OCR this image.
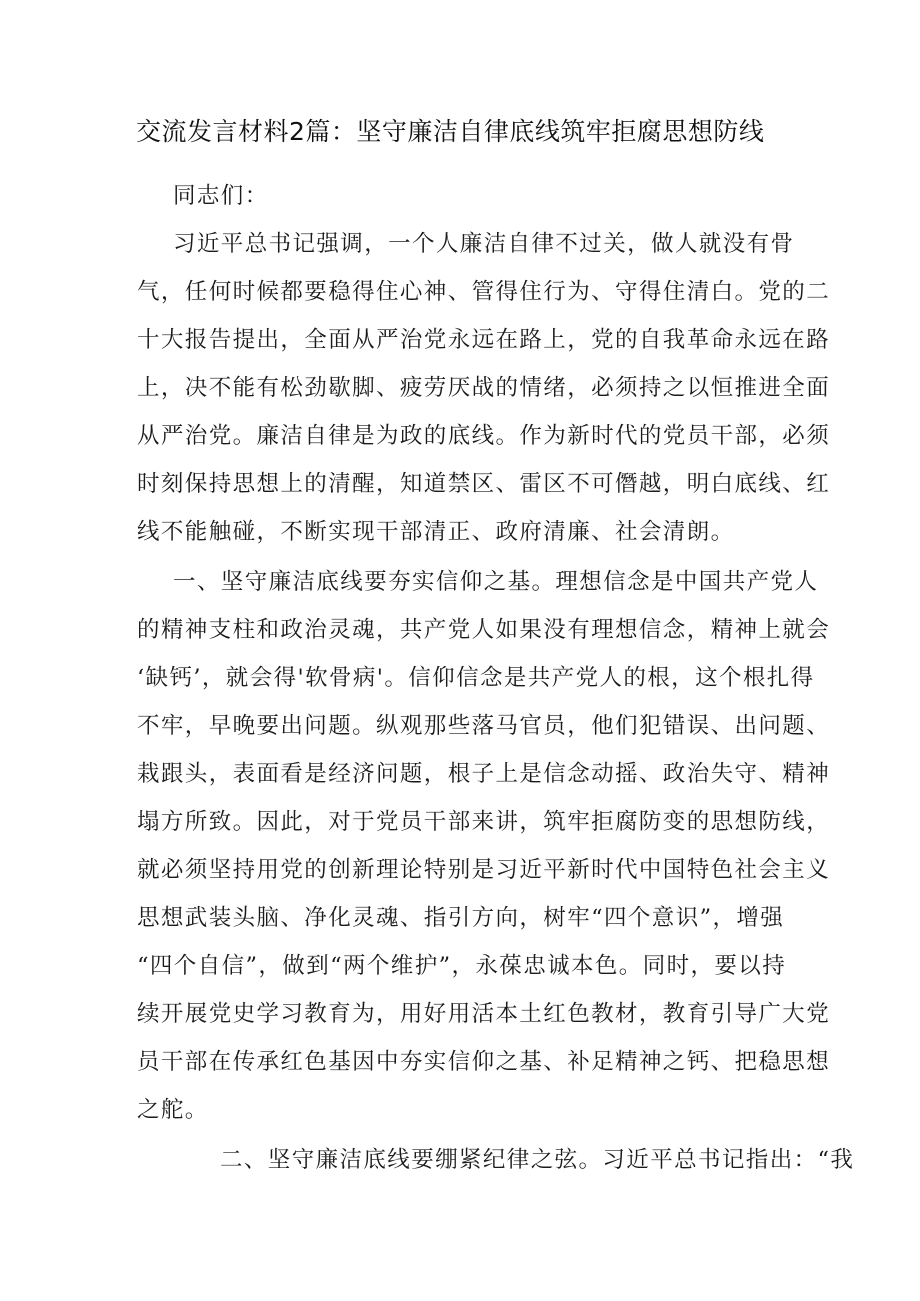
交流发言材料2篇：坚守廉洁自律底线筑牢拒腐思想防线
同志们：
习近平总书记强调，一个人廉洁自律不过关，做人就没有骨
气，任何时候都要稳得住心神、管得住行为、守得住清白。党的二
十大报告提出，全面从严治党永远在路上，党的自我革命永远在路
上，决不能有松劲歇脚、疲劳厌战的情绪，必须持之以恒推进全面
从严治党。廉洁自律是为政的底线。作为新时代的党员干部，必须
时刻保持思想上的清醒，知道禁区、雷区不可僭越，明白底线、红
线不能触碰，不断实现干部清正、政府清廉、社会清朗。
一、坚守廉洁底线要夯实信仰之基。理想信念是中国共产党人
的精神支柱和政治灵魂，共产党人如果没有理想信念，精神上就会
‘缺钙’，就会得'软骨病'。信仰信念是共产党人的根，这个根扎得
不牢，早晚要出问题。纵观那些落马官员，他们犯错误、出问题、
栽跟头，表面看是经济问题，根子上是信念动摇、政治失守、精神
塌方所致。因此，对于党员干部来讲，筑牢拒腐防变的思想防线，
就必须坚持用党的创新理论特别是习近平新时代中国特色社会主义
思想武装头脑、净化灵魂、指引方向，树牢“四个意识”，增强
“四个自信”，做到“两个维护”，永葆忠诚本色。同时，要以持
续开展党史学习教育为，用好用活本土红色教材，教育引导广大党
员干部在传承红色基因中夯实信仰之基、补足精神之钙、把稳思想
之舵。
二、坚守廉洁底线要绷紧纪律之弦。习近平总书记指出：“我
